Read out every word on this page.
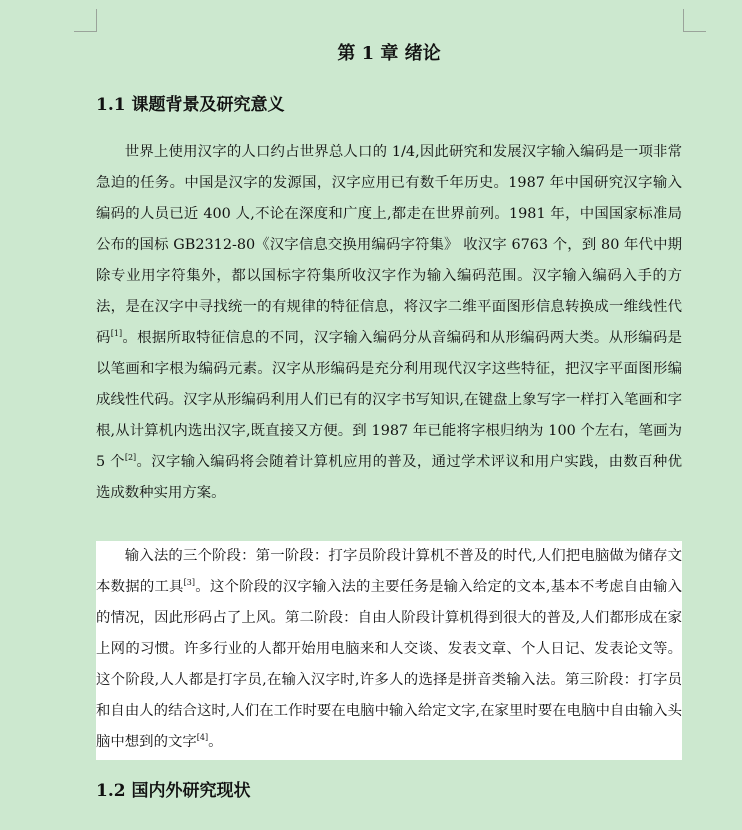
第 1 章 绪论
1.1 课题背景及研究意义
世界上使用汉字的人口约占世界总人口的 1/4,因此研究和发展汉字输入编码是一项非常急迫的任务。中国是汉字的发源国，汉字应用已有数千年历史。1987 年中国研究汉字输入编码的人员已近 400 人,不论在深度和广度上,都走在世界前列。1981 年，中国国家标准局公布的国标 GB2312-80《汉字信息交换用编码字符集》 收汉字 6763 个，到 80 年代中期除专业用字符集外，都以国标字符集所收汉字作为输入编码范围。汉字输入编码入手的方法，是在汉字中寻找统一的有规律的特征信息，将汉字二维平面图形信息转换成一维线性代码[1]。根据所取特征信息的不同，汉字输入编码分从音编码和从形编码两大类。从形编码是以笔画和字根为编码元素。汉字从形编码是充分利用现代汉字这些特征，把汉字平面图形编成线性代码。汉字从形编码利用人们已有的汉字书写知识,在键盘上象写字一样打入笔画和字根,从计算机内选出汉字,既直接又方便。到 1987 年已能将字根归纳为 100 个左右，笔画为 5 个[2]。汉字输入编码将会随着计算机应用的普及，通过学术评议和用户实践，由数百种优选成数种实用方案。
输入法的三个阶段：第一阶段：打字员阶段计算机不普及的时代,人们把电脑做为储存文本数据的工具[3]。这个阶段的汉字输入法的主要任务是输入给定的文本,基本不考虑自由输入的情况，因此形码占了上风。第二阶段：自由人阶段计算机得到很大的普及,人们都形成在家上网的习惯。许多行业的人都开始用电脑来和人交谈、发表文章、个人日记、发表论文等。这个阶段,人人都是打字员,在输入汉字时,许多人的选择是拼音类输入法。第三阶段：打字员和自由人的结合这时,人们在工作时要在电脑中输入给定文字,在家里时要在电脑中自由输入头脑中想到的文字[4]。
1.2 国内外研究现状
